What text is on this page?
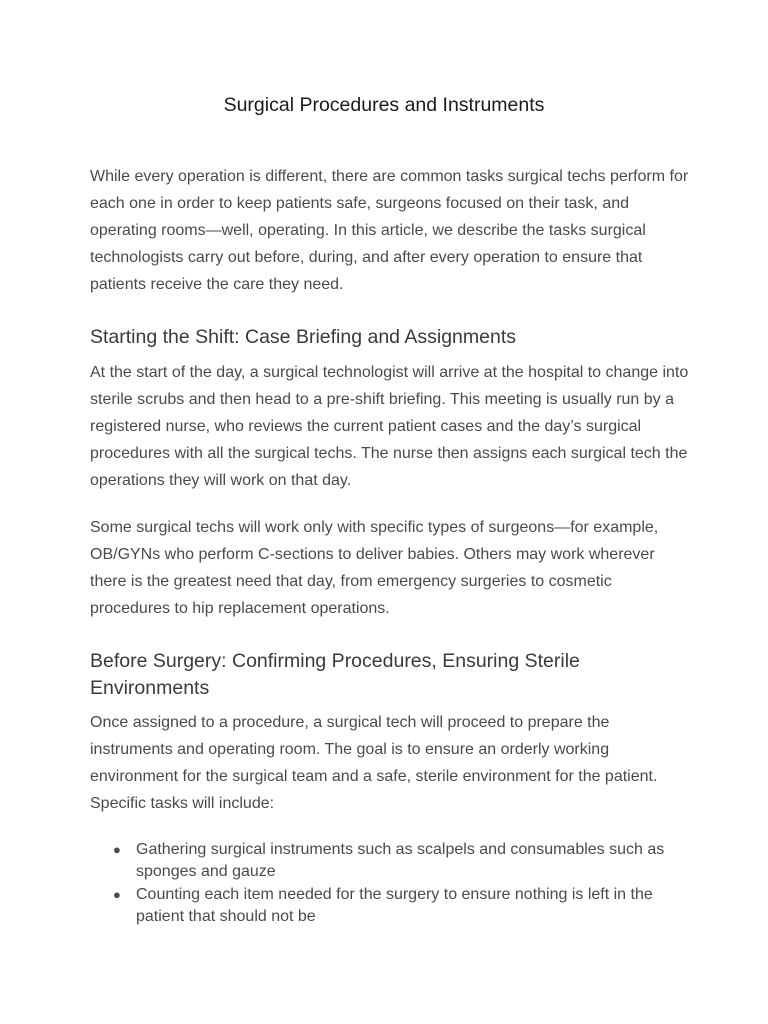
Surgical Procedures and Instruments

While every operation is different, there are common tasks surgical techs perform for each one in order to keep patients safe, surgeons focused on their task, and operating rooms—well, operating. In this article, we describe the tasks surgical technologists carry out before, during, and after every operation to ensure that patients receive the care they need.

Starting the Shift: Case Briefing and Assignments

At the start of the day, a surgical technologist will arrive at the hospital to change into sterile scrubs and then head to a pre-shift briefing. This meeting is usually run by a registered nurse, who reviews the current patient cases and the day’s surgical procedures with all the surgical techs. The nurse then assigns each surgical tech the operations they will work on that day.

Some surgical techs will work only with specific types of surgeons—for example, OB/GYNs who perform C-sections to deliver babies. Others may work wherever there is the greatest need that day, from emergency surgeries to cosmetic procedures to hip replacement operations.

Before Surgery: Confirming Procedures, Ensuring Sterile Environments

Once assigned to a procedure, a surgical tech will proceed to prepare the instruments and operating room. The goal is to ensure an orderly working environment for the surgical team and a safe, sterile environment for the patient. Specific tasks will include:

● Gathering surgical instruments such as scalpels and consumables such as sponges and gauze
● Counting each item needed for the surgery to ensure nothing is left in the patient that should not be
